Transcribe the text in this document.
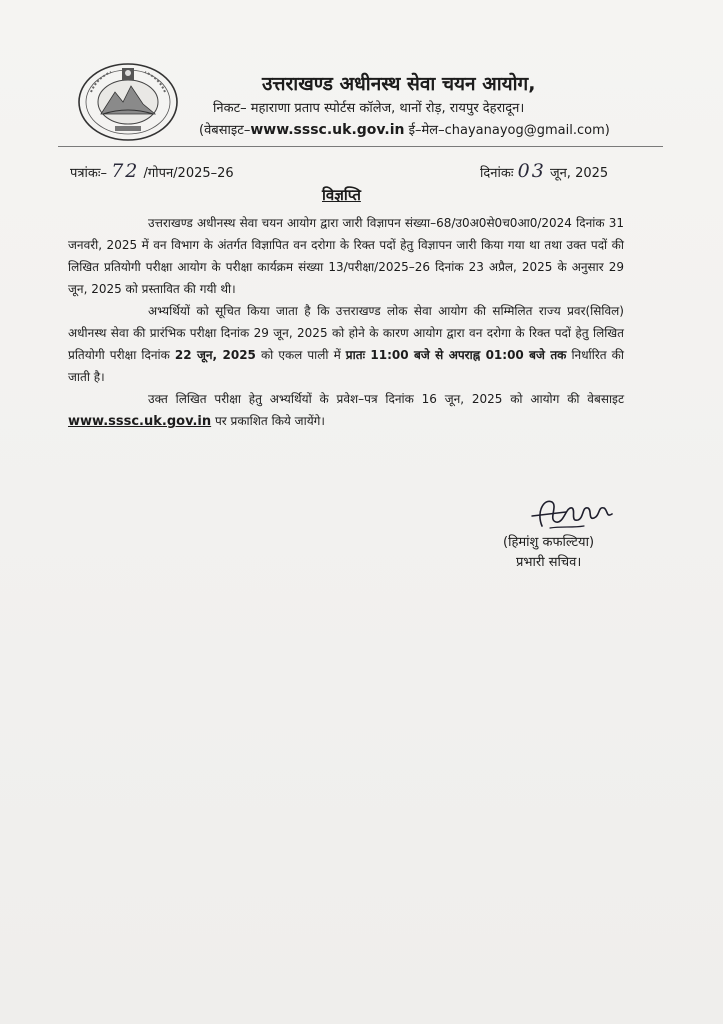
उत्तराखण्ड अधीनस्थ सेवा चयन आयोग,
निकट– महाराणा प्रताप स्पोर्टस कॉलेज, थानों रोड़, रायपुर देहरादून।
(वेबसाइट–www.sssc.uk.gov.in ई–मेल–chayanayog@gmail.com)
पत्रांकः– 72 /गोपन/2025–26	दिनांकः 03 जून, 2025
विज्ञप्ति

उत्तराखण्ड अधीनस्थ सेवा चयन आयोग द्वारा जारी विज्ञापन संख्या–68/उ0अ0से0च0आ0/2024 दिनांक 31 जनवरी, 2025 में वन विभाग के अंतर्गत विज्ञापित वन दरोगा के रिक्त पदों हेतु विज्ञापन जारी किया गया था तथा उक्त पदों की लिखित प्रतियोगी परीक्षा आयोग के परीक्षा कार्यक्रम संख्या 13/परीक्षा/2025–26 दिनांक 23 अप्रैल, 2025 के अनुसार 29 जून, 2025 को प्रस्तावित की गयी थी।

अभ्यर्थियों को सूचित किया जाता है कि उत्तराखण्ड लोक सेवा आयोग की सम्मिलित राज्य प्रवर(सिविल) अधीनस्थ सेवा की प्रारंभिक परीक्षा दिनांक 29 जून, 2025 को होने के कारण आयोग द्वारा वन दरोगा के रिक्त पदों हेतु लिखित प्रतियोगी परीक्षा दिनांक 22 जून, 2025 को एकल पाली में प्रातः 11:00 बजे से अपराह्न 01:00 बजे तक निर्धारित की जाती है।

उक्त लिखित परीक्षा हेतु अभ्यर्थियों के प्रवेश–पत्र दिनांक 16 जून, 2025 को आयोग की वेबसाइट www.sssc.uk.gov.in पर प्रकाशित किये जायेंगे।

(हिमांशु कफल्टिया)
प्रभारी सचिव।
